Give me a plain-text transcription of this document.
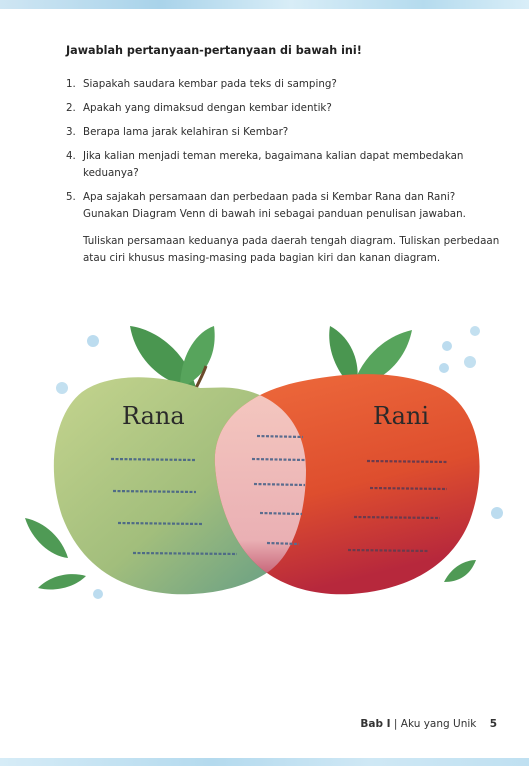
Jawablah pertanyaan-pertanyaan di bawah ini!
1. Siapakah saudara kembar pada teks di samping?
2. Apakah yang dimaksud dengan kembar identik?
3. Berapa lama jarak kelahiran si Kembar?
4. Jika kalian menjadi teman mereka, bagaimana kalian dapat membedakan keduanya?
5. Apa sajakah persamaan dan perbedaan pada si Kembar Rana dan Rani? Gunakan Diagram Venn di bawah ini sebagai panduan penulisan jawaban.
Tuliskan persamaan keduanya pada daerah tengah diagram. Tuliskan perbedaan atau ciri khusus masing-masing pada bagian kiri dan kanan diagram.
Rana	Rani
Bab I | Aku yang Unik 5
